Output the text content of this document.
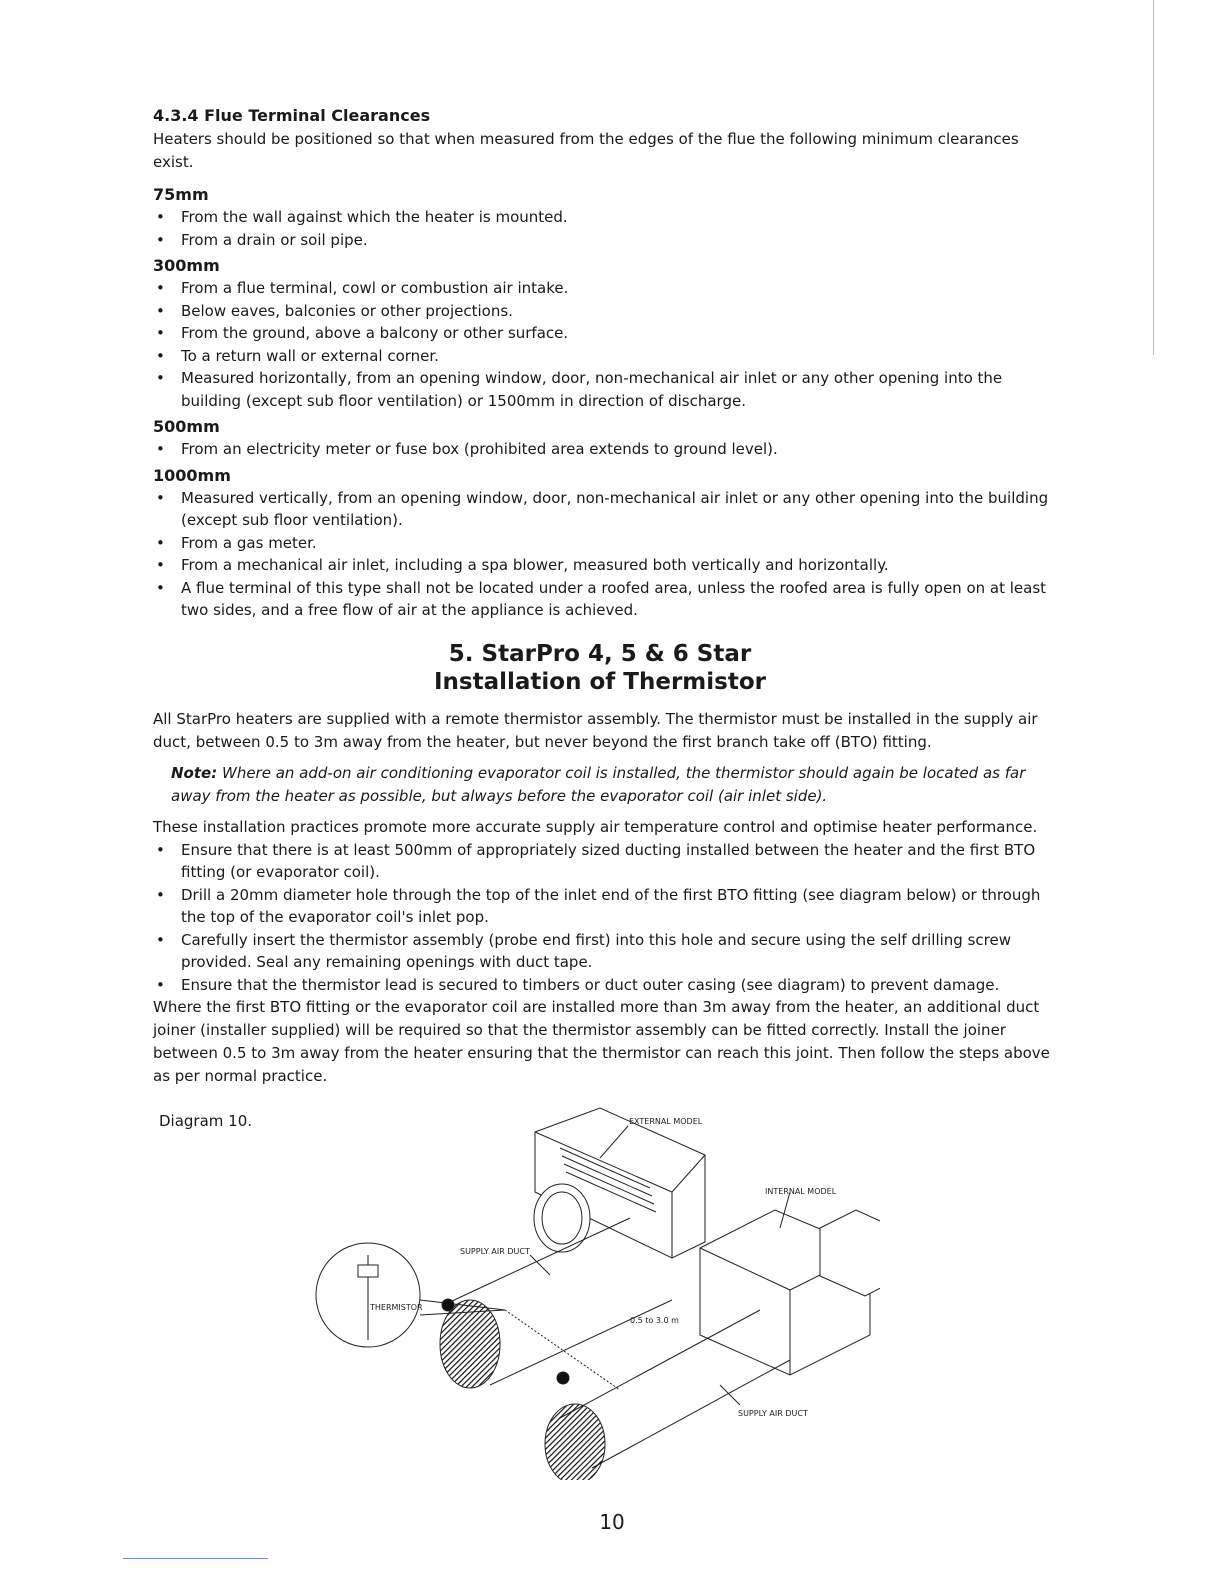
4.3.4 Flue Terminal Clearances
Heaters should be positioned so that when measured from the edges of the flue the following minimum clearances exist.
75mm
• From the wall against which the heater is mounted.
• From a drain or soil pipe.
300mm
• From a flue terminal, cowl or combustion air intake.
• Below eaves, balconies or other projections.
• From the ground, above a balcony or other surface.
• To a return wall or external corner.
• Measured horizontally, from an opening window, door, non-mechanical air inlet or any other opening into the building (except sub floor ventilation) or 1500mm in direction of discharge.
500mm
• From an electricity meter or fuse box (prohibited area extends to ground level).
1000mm
• Measured vertically, from an opening window, door, non-mechanical air inlet or any other opening into the building (except sub floor ventilation).
• From a gas meter.
• From a mechanical air inlet, including a spa blower, measured both vertically and horizontally.
• A flue terminal of this type shall not be located under a roofed area, unless the roofed area is fully open on at least two sides, and a free flow of air at the appliance is achieved.
5. StarPro 4, 5 & 6 Star
Installation of Thermistor
All StarPro heaters are supplied with a remote thermistor assembly. The thermistor must be installed in the supply air duct, between 0.5 to 3m away from the heater, but never beyond the first branch take off (BTO) fitting.
Note: Where an add-on air conditioning evaporator coil is installed, the thermistor should again be located as far away from the heater as possible, but always before the evaporator coil (air inlet side).
These installation practices promote more accurate supply air temperature control and optimise heater performance.
• Ensure that there is at least 500mm of appropriately sized ducting installed between the heater and the first BTO fitting (or evaporator coil).
• Drill a 20mm diameter hole through the top of the inlet end of the first BTO fitting (see diagram below) or through the top of the evaporator coil's inlet pop.
• Carefully insert the thermistor assembly (probe end first) into this hole and secure using the self drilling screw provided. Seal any remaining openings with duct tape.
• Ensure that the thermistor lead is secured to timbers or duct outer casing (see diagram) to prevent damage.
Where the first BTO fitting or the evaporator coil are installed more than 3m away from the heater, an additional duct joiner (installer supplied) will be required so that the thermistor assembly can be fitted correctly. Install the joiner between 0.5 to 3m away from the heater ensuring that the thermistor can reach this joint. Then follow the steps above as per normal practice.
Diagram 10.	EXTERNAL MODEL
INTERNAL MODEL
SUPPLY AIR DUCT
SUPPLY AIR DUCT
THERMISTOR
0.5 to 3.0 m
10
